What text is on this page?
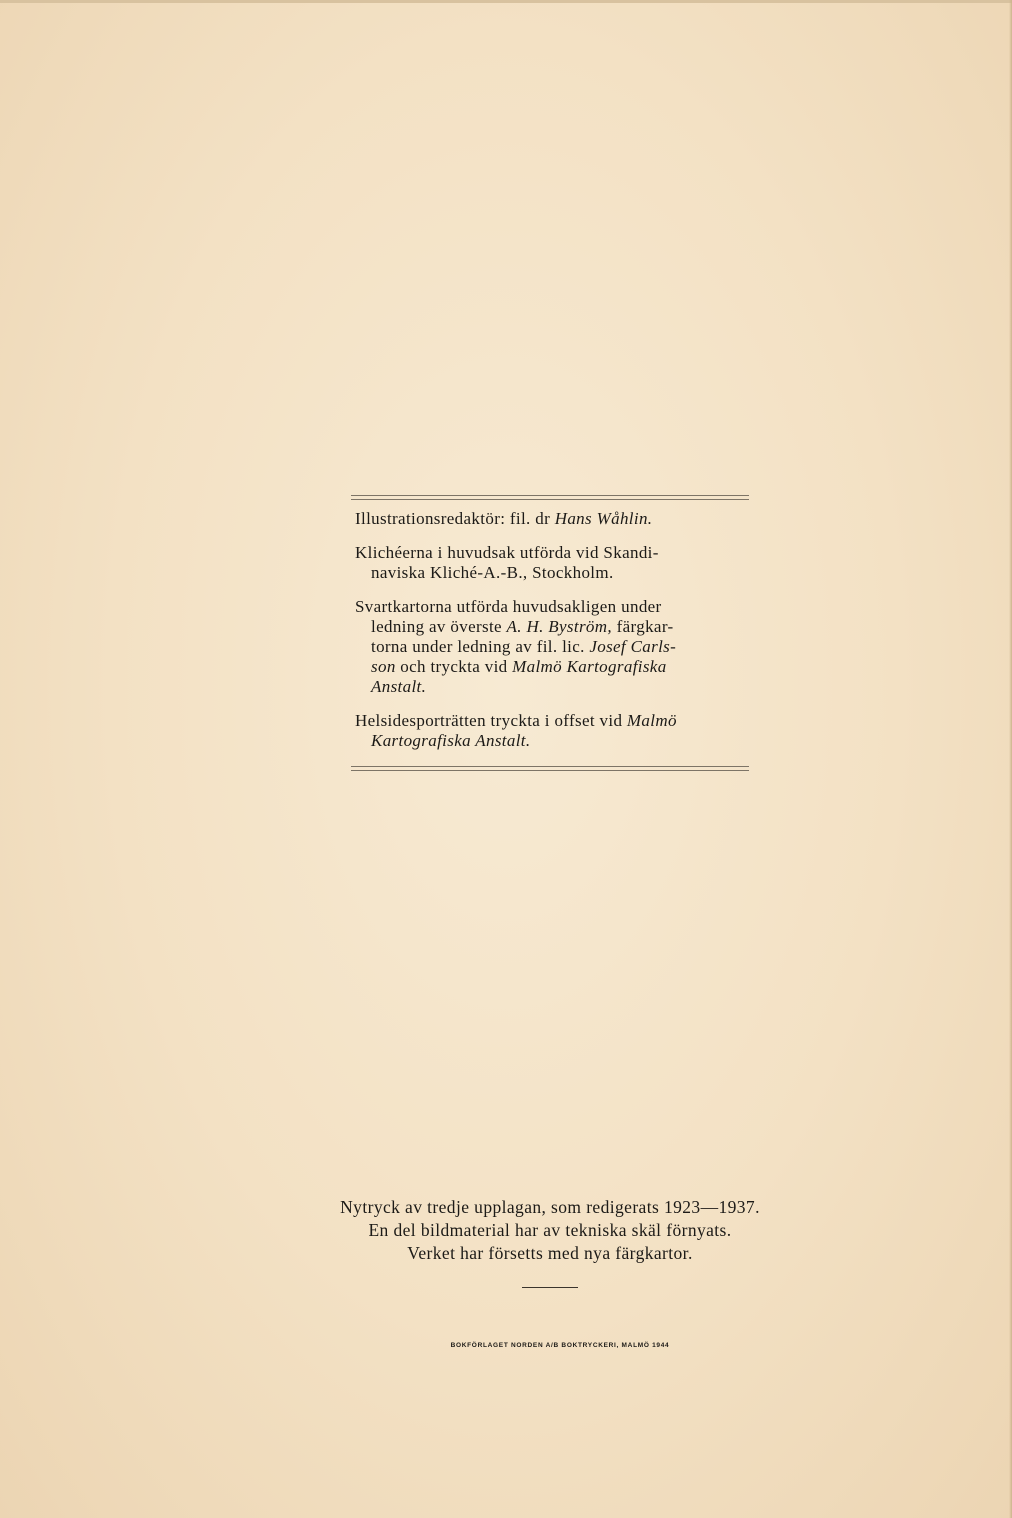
Illustrationsredaktör: fil. dr Hans Wåhlin.

Klichéerna i huvudsak utförda vid Skandi-

naviska Kliché-A.-B., Stockholm.

Svartkartorna utförda huvudsakligen under

ledning av överste A. H. Byström, färgkar-
torna under ledning av fil. lic. Josef Carls-
son och tryckta vid Malmö Kartografiska
Anstalt.

Helsidesporträtten tryckta i offset vid Malmö

Kartografiska Anstalt.

Nytryck av tredje upplagan, som redigerats 1923—1937.
En del bildmaterial har av tekniska skäl förnyats.
Verket har försetts med nya färgkartor.
BOKFÖRLAGET NORDEN A/B BOKTRYCKERI, MALMÖ 1944
